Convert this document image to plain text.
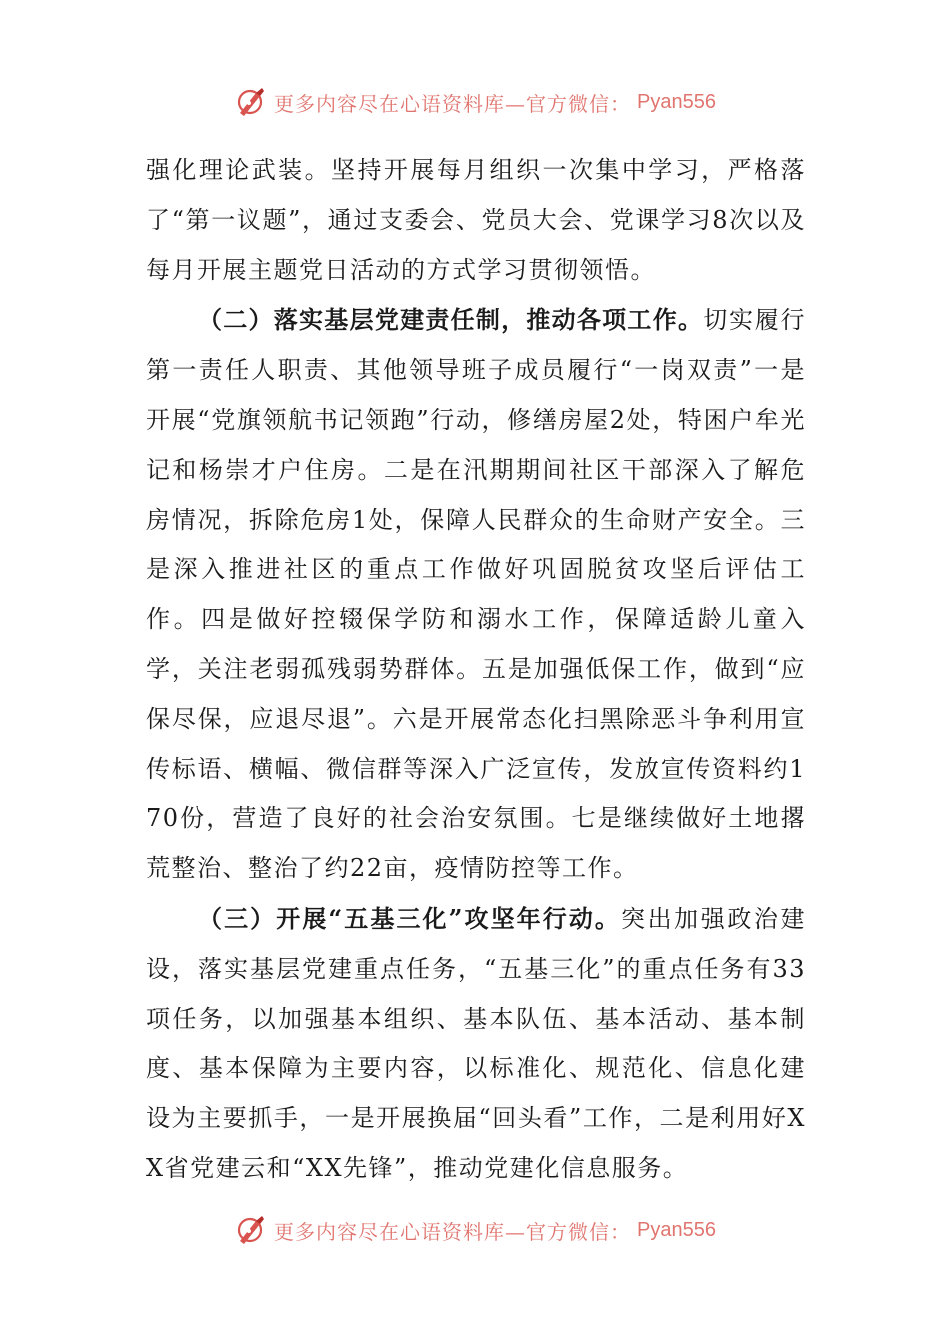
更多内容尽在心语资料库—官方微信： Pyan556

强化理论武装。坚持开展每月组织一次集中学习，严格落了“第一议题”，通过支委会、党员大会、党课学习8次以及每月开展主题党日活动的方式学习贯彻领悟。

（二）落实基层党建责任制，推动各项工作。切实履行第一责任人职责、其他领导班子成员履行“一岗双责”一是开展“党旗领航书记领跑”行动，修缮房屋2处，特困户牟光记和杨崇才户住房。二是在汛期期间社区干部深入了解危房情况，拆除危房1处，保障人民群众的生命财产安全。三是深入推进社区的重点工作做好巩固脱贫攻坚后评估工作。四是做好控辍保学防和溺水工作，保障适龄儿童入学，关注老弱孤残弱势群体。五是加强低保工作，做到“应保尽保，应退尽退”。六是开展常态化扫黑除恶斗争利用宣传标语、横幅、微信群等深入广泛宣传，发放宣传资料约170份，营造了良好的社会治安氛围。七是继续做好土地撂荒整治、整治了约22亩，疫情防控等工作。

（三）开展“五基三化”攻坚年行动。突出加强政治建设，落实基层党建重点任务，“五基三化”的重点任务有33项任务，以加强基本组织、基本队伍、基本活动、基本制度、基本保障为主要内容，以标准化、规范化、信息化建设为主要抓手，一是开展换届“回头看”工作，二是利用好XX省党建云和“XX先锋”，推动党建化信息服务。

更多内容尽在心语资料库—官方微信： Pyan556
